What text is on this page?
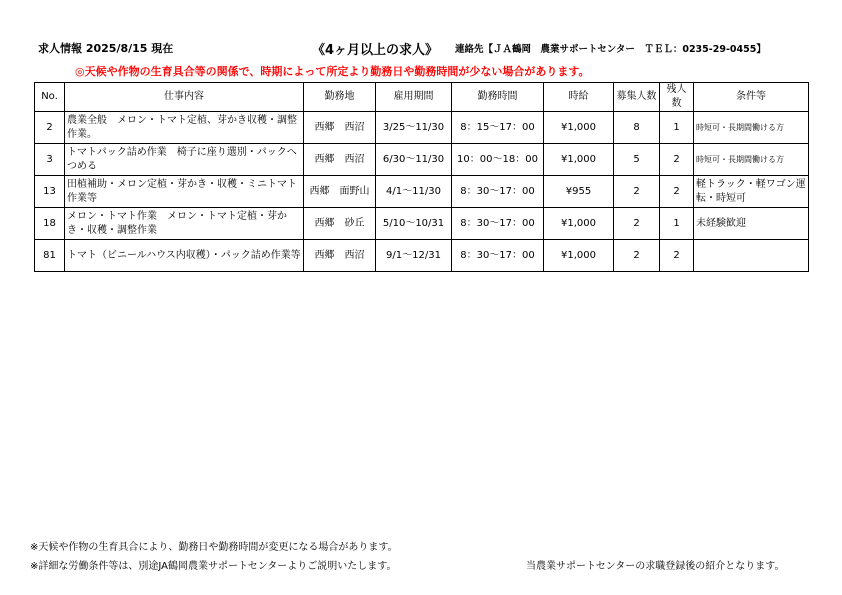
求人情報 2025/8/15 現在	《4ヶ月以上の求人》 連絡先【ＪＡ鶴岡　農業サポートセンター　ＴＥＬ：0235-29-0455】
◎天候や作物の生育具合等の関係で、時期によって所定より勤務日や勤務時間が少ない場合があります。
No.	仕事内容	勤務地	雇用期間	勤務時間	時給	募集人数	残人数	条件等
2	農業全般　メロン・トマト定植、芽かき収穫・調整作業。	西郷　西沼	3/25〜11/30	8：15〜17：00	¥1,000	8	1	時短可・長期間働ける方
3	トマトパック詰め作業　椅子に座り選別・パックへつめる	西郷　西沼	6/30〜11/30	10：00〜18：00	¥1,000	5	2	時短可・長期間働ける方
13	田植補助・メロン定植・芽かき・収穫・ミニトマト作業等	西郷　面野山	4/1〜11/30	8：30〜17：00	¥955	2	2	軽トラック・軽ワゴン運転・時短可
18	メロン・トマト作業　メロン・トマト定植・芽かき・収穫・調整作業	西郷　砂丘	5/10〜10/31	8：30〜17：00	¥1,000	2	1	未経験歓迎
81	トマト（ビニールハウス内収穫）・パック詰め作業等	西郷　西沼	9/1〜12/31	8：30〜17：00	¥1,000	2	2	
※天候や作物の生育具合により、勤務日や勤務時間が変更になる場合があります。
※詳細な労働条件等は、別途JA鶴岡農業サポートセンターよりご説明いたします。	当農業サポートセンターの求職登録後の紹介となります。
